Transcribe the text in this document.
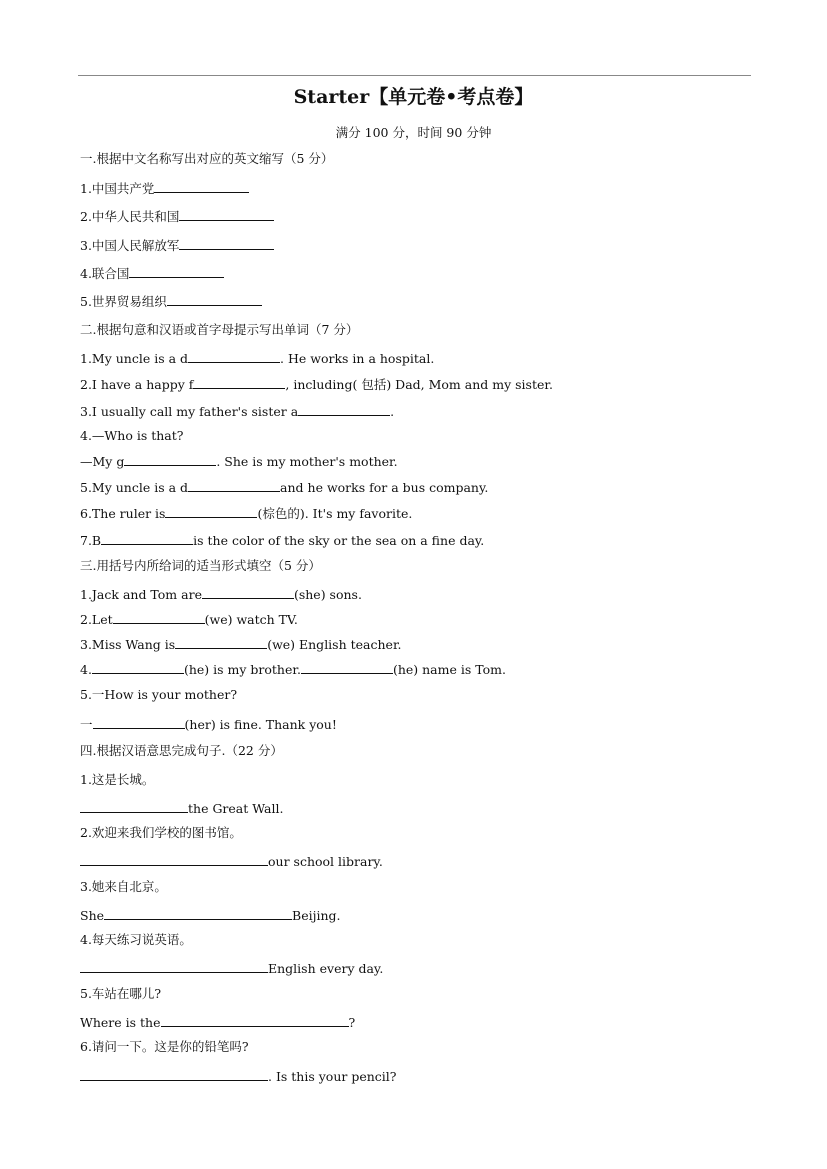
Starter【单元卷•考点卷】
满分 100 分，时间 90 分钟
一.根据中文名称写出对应的英文缩写（5 分）
1.中国共产党
2.中华人民共和国
3.中国人民解放军
4.联合国
5.世界贸易组织
二.根据句意和汉语或首字母提示写出单词（7 分）
1.My uncle is a d	. He works in a hospital.
2.I have a happy f	, including( 包括) Dad, Mom and my sister.
3.I usually call my father's sister a	.
4.—Who is that?
—My g	. She is my mother's mother.
5.My uncle is a d	and he works for a bus company.
6.The ruler is	(棕色的). It's my favorite.
7.B	is the color of the sky or the sea on a fine day.
三.用括号内所给词的适当形式填空（5 分）
1.Jack and Tom are	(she) sons.
2.Let	(we) watch TV.
3.Miss Wang is	(we) English teacher.
4.	(he) is my brother.	(he) name is Tom.
5.一How is your mother?
一	(her) is fine. Thank you!
四.根据汉语意思完成句子.（22 分）
1.这是长城。
the Great Wall.
2.欢迎来我们学校的图书馆。
our school library.
3.她来自北京。
She	Beijing.
4.每天练习说英语。
English every day.
5.车站在哪儿?
Where is the	?
6.请问一下。这是你的铅笔吗?
. Is this your pencil?
